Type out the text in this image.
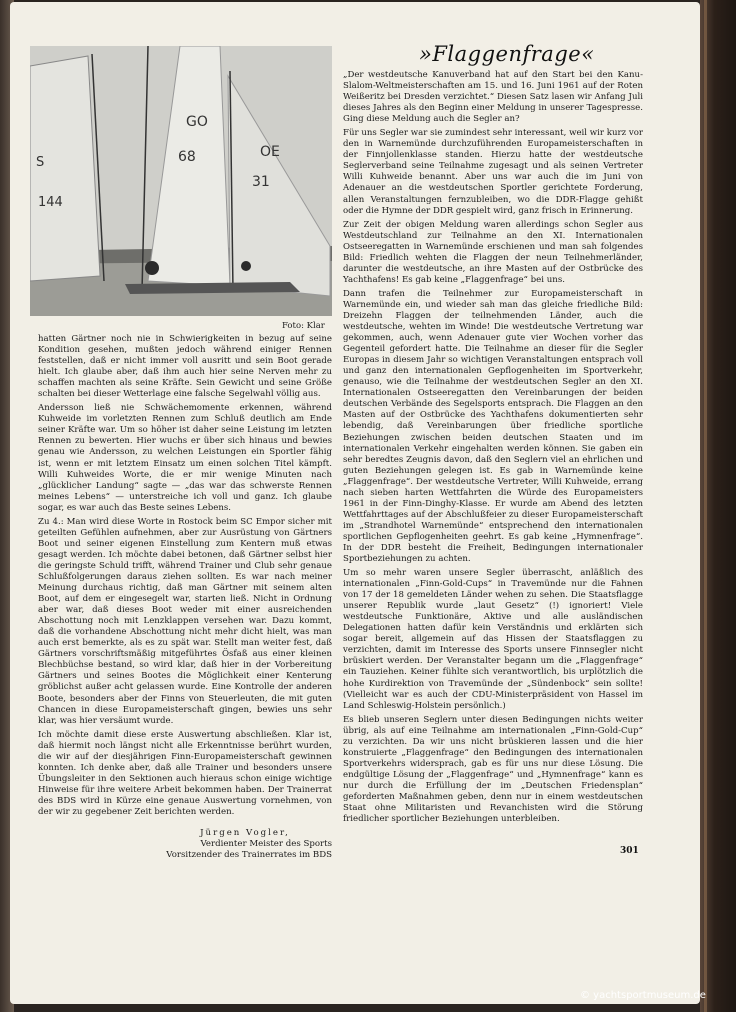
S
144
GO
68	OE
31
Foto: Klar
»Flaggenfrage«

hatten Gärtner noch nie in Schwierigkeiten in bezug auf seine Kondition gesehen, mußten jedoch während einiger Rennen feststellen, daß er nicht immer voll ausritt und sein Boot gerade hielt. Ich glaube aber, daß ihm auch hier seine Nerven mehr zu schaffen machten als seine Kräfte. Sein Gewicht und seine Größe schalten bei dieser Wetterlage eine falsche Segelwahl völlig aus.

Andersson ließ nie Schwächemomente erkennen, während Kuhweide im vorletzten Rennen zum Schluß deutlich am Ende seiner Kräfte war. Um so höher ist daher seine Leistung im letzten Rennen zu bewerten. Hier wuchs er über sich hinaus und bewies genau wie Andersson, zu welchen Leistungen ein Sportler fähig ist, wenn er mit letztem Einsatz um einen solchen Titel kämpft. Willi Kuhweides Worte, die er mir wenige Minuten nach „glücklicher Landung“ sagte — „das war das schwerste Rennen meines Lebens“ — unterstreiche ich voll und ganz. Ich glaube sogar, es war auch das Beste seines Lebens.

Zu 4.: Man wird diese Worte in Rostock beim SC Empor sicher mit geteilten Gefühlen aufnehmen, aber zur Ausrüstung von Gärtners Boot und seiner eigenen Einstellung zum Kentern muß etwas gesagt werden. Ich möchte dabei betonen, daß Gärtner selbst hier die geringste Schuld trifft, während Trainer und Club sehr genaue Schlußfolgerungen daraus ziehen sollten. Es war nach meiner Meinung durchaus richtig, daß man Gärtner mit seinem alten Boot, auf dem er eingesegelt war, starten ließ. Nicht in Ordnung aber war, daß dieses Boot weder mit einer ausreichenden Abschottung noch mit Lenzklappen versehen war. Dazu kommt, daß die vorhandene Abschottung nicht mehr dicht hielt, was man auch erst bemerkte, als es zu spät war. Stellt man weiter fest, daß Gärtners vorschriftsmäßig mitgeführtes Ösfaß aus einer kleinen Blechbüchse bestand, so wird klar, daß hier in der Vorbereitung Gärtners und seines Bootes die Möglichkeit einer Kenterung gröblichst außer acht gelassen wurde. Eine Kontrolle der anderen Boote, besonders aber der Finns von Steuerleuten, die mit guten Chancen in diese Europameisterschaft gingen, bewies uns sehr klar, was hier versäumt wurde.

Ich möchte damit diese erste Auswertung abschließen. Klar ist, daß hiermit noch längst nicht alle Erkenntnisse berührt wurden, die wir auf der diesjährigen Finn-Europameisterschaft gewinnen konnten. Ich denke aber, daß alle Trainer und besonders unsere Übungsleiter in den Sektionen auch hieraus schon einige wichtige Hinweise für ihre weitere Arbeit bekommen haben. Der Trainerrat des BDS wird in Kürze eine genaue Auswertung vornehmen, von der wir zu gegebener Zeit berichten werden.

Jürgen Vogler,
Verdienter Meister des Sports
Vorsitzender des Trainerrates im BDS

„Der westdeutsche Kanuverband hat auf den Start bei den Kanu-Slalom-Weltmeisterschaften am 15. und 16. Juni 1961 auf der Roten Weißeritz bei Dresden verzichtet.“ Diesen Satz lasen wir Anfang Juli dieses Jahres als den Beginn einer Meldung in unserer Tagespresse. Ging diese Meldung auch die Segler an?

Für uns Segler war sie zumindest sehr interessant, weil wir kurz vor den in Warnemünde durchzuführenden Europameisterschaften in der Finnjollenklasse standen. Hierzu hatte der westdeutsche Seglerverband seine Teilnahme zugesagt und als seinen Vertreter Willi Kuhweide benannt. Aber uns war auch die im Juni von Adenauer an die westdeutschen Sportler gerichtete Forderung, allen Veranstaltungen fernzubleiben, wo die DDR-Flagge gehißt oder die Hymne der DDR gespielt wird, ganz frisch in Erinnerung.

Zur Zeit der obigen Meldung waren allerdings schon Segler aus Westdeutschland zur Teilnahme an den XI. Internationalen Ostseeregatten in Warnemünde erschienen und man sah folgendes Bild: Friedlich wehten die Flaggen der neun Teilnehmerländer, darunter die westdeutsche, an ihre Masten auf der Ostbrücke des Yachthafens! Es gab keine „Flaggenfrage“ bei uns.

Dann trafen die Teilnehmer zur Europameisterschaft in Warnemünde ein, und wieder sah man das gleiche friedliche Bild: Dreizehn Flaggen der teilnehmenden Länder, auch die westdeutsche, wehten im Winde! Die westdeutsche Vertretung war gekommen, auch, wenn Adenauer gute vier Wochen vorher das Gegenteil gefordert hatte. Die Teilnahme an dieser für die Segler Europas in diesem Jahr so wichtigen Veranstaltungen entsprach voll und ganz den internationalen Gepflogenheiten im Sportverkehr, genauso, wie die Teilnahme der westdeutschen Segler an den XI. Internationalen Ostseeregatten den Vereinbarungen der beiden deutschen Verbände des Segelsports entsprach. Die Flaggen an den Masten auf der Ostbrücke des Yachthafens dokumentierten sehr lebendig, daß Vereinbarungen über friedliche sportliche Beziehungen zwischen beiden deutschen Staaten und im internationalen Verkehr eingehalten werden können. Sie gaben ein sehr beredtes Zeugnis davon, daß den Seglern viel an ehrlichen und guten Beziehungen gelegen ist. Es gab in Warnemünde keine „Flaggenfrage“. Der westdeutsche Vertreter, Willi Kuhweide, errang nach sieben harten Wettfahrten die Würde des Europameisters 1961 in der Finn-Dinghy-Klasse. Er wurde am Abend des letzten Wettfahrttages auf der Abschlußfeier zu dieser Europameisterschaft im „Strandhotel Warnemünde“ entsprechend den internationalen sportlichen Gepflogenheiten geehrt. Es gab keine „Hymnenfrage“. In der DDR besteht die Freiheit, Bedingungen internationaler Sportbeziehungen zu achten.

Um so mehr waren unsere Segler überrascht, anläßlich des internationalen „Finn-Gold-Cups“ in Travemünde nur die Fahnen von 17 der 18 gemeldeten Länder wehen zu sehen. Die Staatsflagge unserer Republik wurde „laut Gesetz“ (!) ignoriert! Viele westdeutsche Funktionäre, Aktive und alle ausländischen Delegationen hatten dafür kein Verständnis und erklärten sich sogar bereit, allgemein auf das Hissen der Staatsflaggen zu verzichten, damit im Interesse des Sports unsere Finnsegler nicht brüskiert werden. Der Veranstalter begann um die „Flaggenfrage“ ein Tauziehen. Keiner fühlte sich verantwortlich, bis urplötzlich die hohe Kurdirektion von Travemünde der „Sündenbock“ sein sollte! (Vielleicht war es auch der CDU-Ministerpräsident von Hassel im Land Schleswig-Holstein persönlich.)

Es blieb unseren Seglern unter diesen Bedingungen nichts weiter übrig, als auf eine Teilnahme am internationalen „Finn-Gold-Cup“ zu verzichten. Da wir uns nicht brüskieren lassen und die hier konstruierte „Flaggenfrage“ den Bedingungen des internationalen Sportverkehrs widersprach, gab es für uns nur diese Lösung. Die endgültige Lösung der „Flaggenfrage“ und „Hymnenfrage“ kann es nur durch die Erfüllung der im „Deutschen Friedensplan“ geforderten Maßnahmen geben, denn nur in einem westdeutschen Staat ohne Militaristen und Revanchisten wird die Störung friedlicher sportlicher Beziehungen unterbleiben.

301
© yachtsportmuseum.de
